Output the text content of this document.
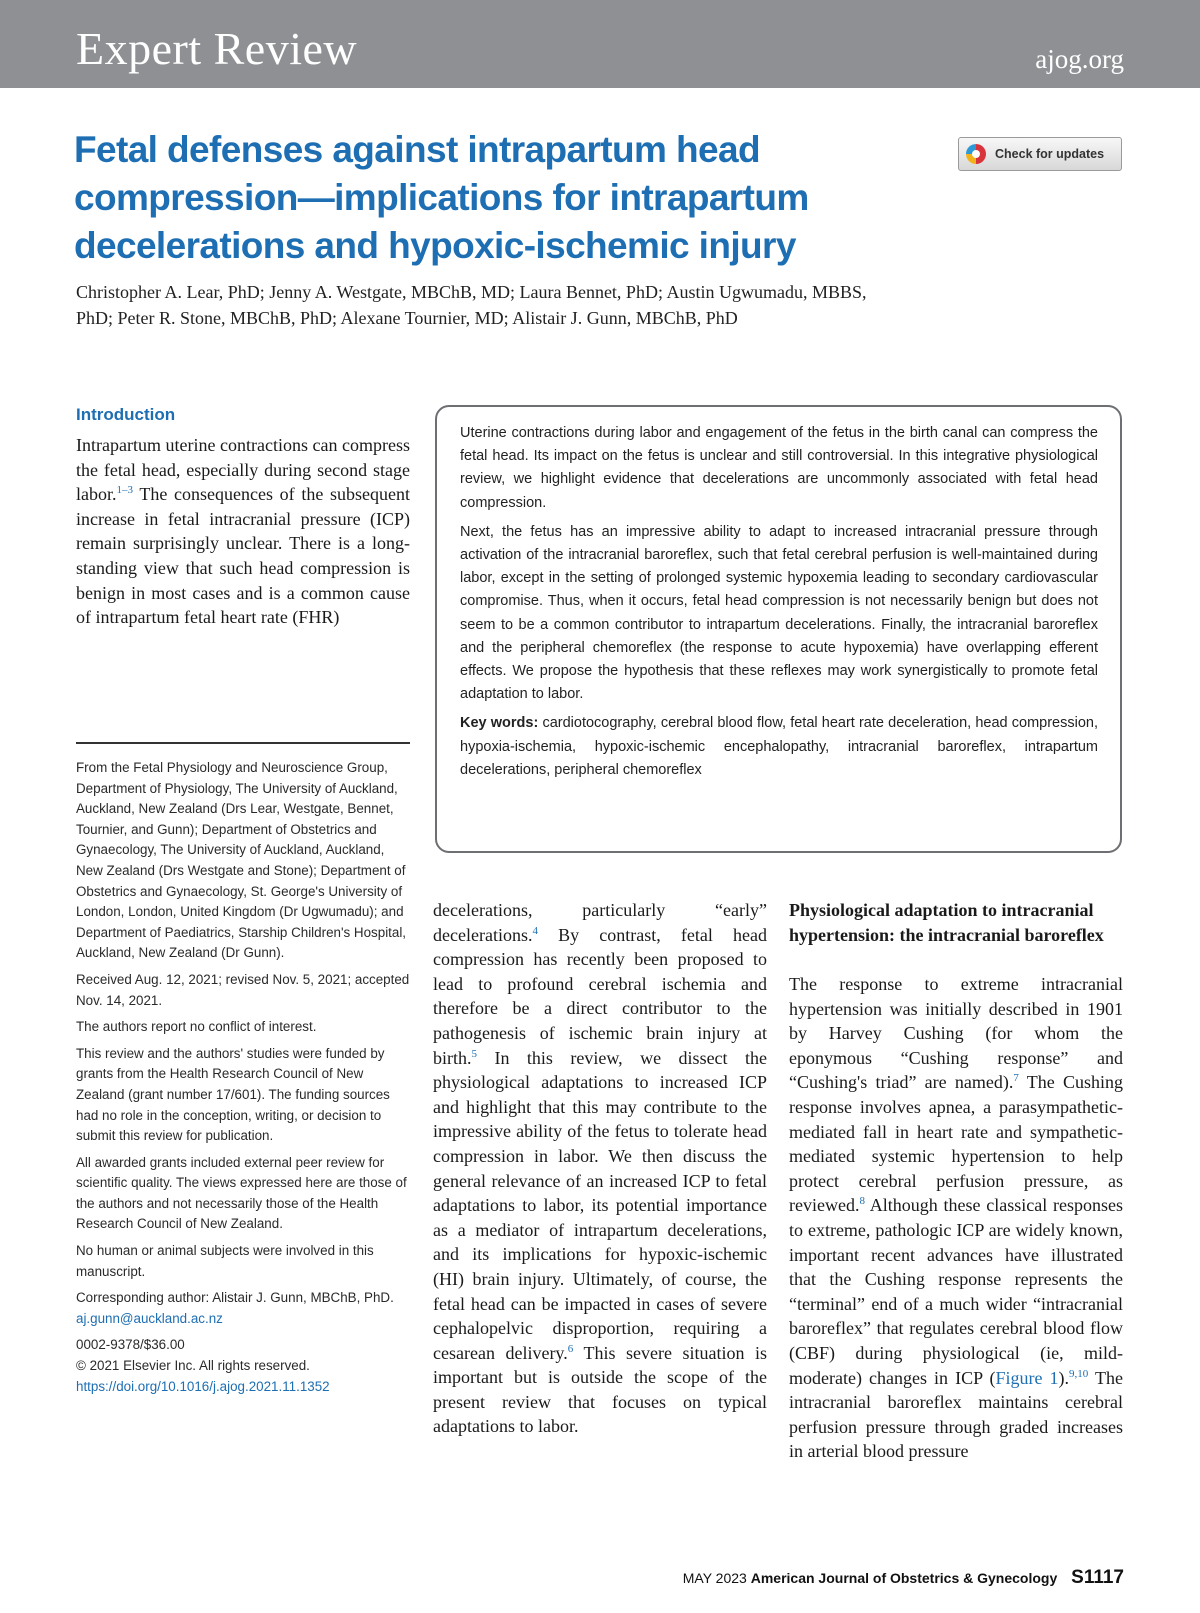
Expert Review	ajog.org
Fetal defenses against intrapartum head compression—implications for intrapartum decelerations and hypoxic-ischemic injury
Check for updates
Christopher A. Lear, PhD; Jenny A. Westgate, MBChB, MD; Laura Bennet, PhD; Austin Ugwumadu, MBBS, PhD; Peter R. Stone, MBChB, PhD; Alexane Tournier, MD; Alistair J. Gunn, MBChB, PhD
Introduction
Intrapartum uterine contractions can compress the fetal head, especially during second stage labor.$^{1-3}$ The consequences of the subsequent increase in fetal intracranial pressure (ICP) remain surprisingly unclear. There is a long-standing view that such head compression is benign in most cases and is a common cause of intrapartum fetal heart rate (FHR)

From the Fetal Physiology and Neuroscience Group, Department of Physiology, The University of Auckland, Auckland, New Zealand (Drs Lear, Westgate, Bennet, Tournier, and Gunn); Department of Obstetrics and Gynaecology, The University of Auckland, Auckland, New Zealand (Drs Westgate and Stone); Department of Obstetrics and Gynaecology, St. George's University of London, London, United Kingdom (Dr Ugwumadu); and Department of Paediatrics, Starship Children's Hospital, Auckland, New Zealand (Dr Gunn).

Received Aug. 12, 2021; revised Nov. 5, 2021; accepted Nov. 14, 2021.

The authors report no conflict of interest.

This review and the authors' studies were funded by grants from the Health Research Council of New Zealand (grant number 17/601). The funding sources had no role in the conception, writing, or decision to submit this review for publication.

All awarded grants included external peer review for scientific quality. The views expressed here are those of the authors and not necessarily those of the Health Research Council of New Zealand.

No human or animal subjects were involved in this manuscript.

Corresponding author: Alistair J. Gunn, MBChB, PhD. aj.gunn@auckland.ac.nz

0002-9378/$36.00

© 2021 Elsevier Inc. All rights reserved.

https://doi.org/10.1016/j.ajog.2021.11.1352

Uterine contractions during labor and engagement of the fetus in the birth canal can compress the fetal head. Its impact on the fetus is unclear and still controversial. In this integrative physiological review, we highlight evidence that decelerations are uncommonly associated with fetal head compression.

Next, the fetus has an impressive ability to adapt to increased intracranial pressure through activation of the intracranial baroreflex, such that fetal cerebral perfusion is well-maintained during labor, except in the setting of prolonged systemic hypoxemia leading to secondary cardiovascular compromise. Thus, when it occurs, fetal head compression is not necessarily benign but does not seem to be a common contributor to intrapartum decelerations. Finally, the intracranial baroreflex and the peripheral chemoreflex (the response to acute hypoxemia) have overlapping efferent effects. We propose the hypothesis that these reflexes may work synergistically to promote fetal adaptation to labor.

Key words: cardiotocography, cerebral blood flow, fetal heart rate deceleration, head compression, hypoxia-ischemia, hypoxic-ischemic encephalopathy, intracranial baroreflex, intrapartum decelerations, peripheral chemoreflex

decelerations, particularly “early” decelerations.$^4$ By contrast, fetal head compression has recently been proposed to lead to profound cerebral ischemia and therefore be a direct contributor to the pathogenesis of ischemic brain injury at birth.$^5$ In this review, we dissect the physiological adaptations to increased ICP and highlight that this may contribute to the impressive ability of the fetus to tolerate head compression in labor. We then discuss the general relevance of an increased ICP to fetal adaptations to labor, its potential importance as a mediator of intrapartum decelerations, and its implications for hypoxic-ischemic (HI) brain injury. Ultimately, of course, the fetal head can be impacted in cases of severe cephalopelvic disproportion, requiring a cesarean delivery.$^6$ This severe situation is important but is outside the scope of the present review that focuses on typical adaptations to labor.
Physiological adaptation to intracranial hypertension: the intracranial baroreflex
The response to extreme intracranial hypertension was initially described in 1901 by Harvey Cushing (for whom the eponymous “Cushing response” and “Cushing's triad” are named).$^7$ The Cushing response involves apnea, a parasympathetic-mediated fall in heart rate and sympathetic-mediated systemic hypertension to help protect cerebral perfusion pressure, as reviewed.$^8$ Although these classical responses to extreme, pathologic ICP are widely known, important recent advances have illustrated that the Cushing response represents the “terminal” end of a much wider “intracranial baroreflex” that regulates cerebral blood flow (CBF) during physiological (ie, mild-moderate) changes in ICP (Figure 1).$^{9,10}$ The intracranial baroreflex maintains cerebral perfusion pressure through graded increases in arterial blood pressure
MAY 2023 American Journal of Obstetrics & Gynecology S1117
